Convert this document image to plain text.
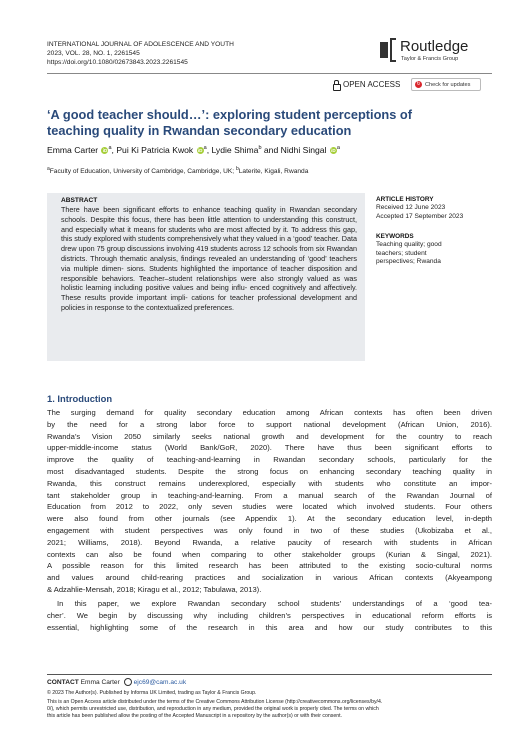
INTERNATIONAL JOURNAL OF ADOLESCENCE AND YOUTH
2023, VOL. 28, NO. 1, 2261545
https://doi.org/10.1080/02673843.2023.2261545
Routledge
Taylor & Francis Group
OPEN ACCESS	↻ Check for updates
‘A good teacher should…’: exploring student perceptions of
teaching quality in Rwandan secondary education
Emma Carter $iD^a$, Pui Ki Patricia Kwok $iD^a$, Lydie Shima$^b$ and Nidhi Singal $iD^a$
$^a$Faculty of Education, University of Cambridge, Cambridge, UK; $^b$Laterite, Kigali, Rwanda
ABSTRACT
There have been significant efforts to enhance teaching quality in Rwandan secondary schools. Despite this focus, there has been little attention to understanding this construct, and especially what it means for students who are most affected by it. To address this gap, this study explored with students comprehensively what they valued in a ‘good’ teacher. Data drew upon 75 group discussions involving 419 students across 12 schools from six Rwandan districts. Through thematic analysis, findings revealed an understanding of ‘good’ teachers via multiple dimen- sions. Students highlighted the importance of teacher disposition and responsible behaviors. Teacher–student relationships were also strongly valued as was holistic learning including positive values and being influ- enced cognitively and affectively. These results provide important impli- cations for teacher professional development and policies in response to the contextualized preferences.
ARTICLE HISTORY
Received 12 June 2023
Accepted 17 September 2023
KEYWORDS
Teaching quality; good
teachers; student
perspectives; Rwanda
1. Introduction
The surging demand for quality secondary education among African contexts has often been driven
by the need for a strong labor force to support national development (African Union, 2016).
Rwanda’s Vision 2050 similarly seeks national growth and development for the country to reach
upper-middle-income status (World Bank/GoR, 2020). There have thus been significant efforts to
improve the quality of teaching-and-learning in Rwandan secondary schools, particularly for the
most disadvantaged students. Despite the strong focus on enhancing secondary teaching quality in
Rwanda, this construct remains underexplored, especially with students who constitute an impor-
tant stakeholder group in teaching-and-learning. From a manual search of the Rwandan Journal of
Education from 2012 to 2022, only seven studies were located which involved students. Four others
were also found from other journals (see Appendix 1). At the secondary education level, in-depth
engagement with student perspectives was only found in two of these studies (Ukobizaba et al.,
2021; Williams, 2018). Beyond Rwanda, a relative paucity of research with students in African
contexts can also be found when comparing to other stakeholder groups (Kurian & Singal, 2021).
A possible reason for this limited research has been attributed to the existing socio-cultural norms
and values around child-rearing practices and socialization in various African contexts (Akyeampong
& Adzahlie-Mensah, 2018; Kiragu et al., 2012; Tabulawa, 2013).
In this paper, we explore Rwandan secondary school students’ understandings of a ‘good tea-
cher’. We begin by discussing why including children’s perspectives in educational reform efforts is
essential, highlighting some of the research in this area and how our study contributes to this
CONTACT Emma Carter ejc69@cam.ac.uk
© 2023 The Author(s). Published by Informa UK Limited, trading as Taylor & Francis Group.
This is an Open Access article distributed under the terms of the Creative Commons Attribution License (http://creativecommons.org/licenses/by/4.
0/), which permits unrestricted use, distribution, and reproduction in any medium, provided the original work is properly cited. The terms on which
this article has been published allow the posting of the Accepted Manuscript in a repository by the author(s) or with their consent.
